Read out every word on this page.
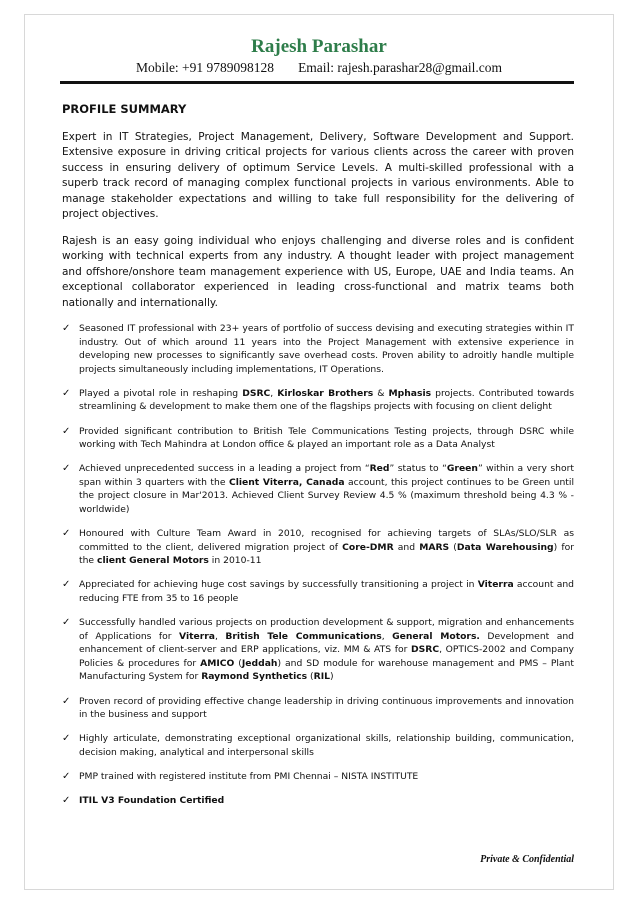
Rajesh Parashar
Mobile: +91 9789098128 Email: rajesh.parashar28@gmail.com
PROFILE SUMMARY

Expert in IT Strategies, Project Management, Delivery, Software Development and Support. Extensive exposure in driving critical projects for various clients across the career with proven success in ensuring delivery of optimum Service Levels. A multi-skilled professional with a superb track record of managing complex functional projects in various environments. Able to manage stakeholder expectations and willing to take full responsibility for the delivering of project objectives.

Rajesh is an easy going individual who enjoys challenging and diverse roles and is confident working with technical experts from any industry. A thought leader with project management and offshore/onshore team management experience with US, Europe, UAE and India teams. An exceptional collaborator experienced in leading cross-functional and matrix teams both nationally and internationally.

✓ Seasoned IT professional with 23+ years of portfolio of success devising and executing strategies within IT industry. Out of which around 11 years into the Project Management with extensive experience in developing new processes to significantly save overhead costs. Proven ability to adroitly handle multiple projects simultaneously including implementations, IT Operations.
✓ Played a pivotal role in reshaping DSRC, Kirloskar Brothers & Mphasis projects. Contributed towards streamlining & development to make them one of the flagships projects with focusing on client delight
✓ Provided significant contribution to British Tele Communications Testing projects, through DSRC while working with Tech Mahindra at London office & played an important role as a Data Analyst
✓ Achieved unprecedented success in a leading a project from “Red” status to “Green” within a very short span within 3 quarters with the Client Viterra, Canada account, this project continues to be Green until the project closure in Mar'2013. Achieved Client Survey Review 4.5 % (maximum threshold being 4.3 % - worldwide)
✓ Honoured with Culture Team Award in 2010, recognised for achieving targets of SLAs/SLO/SLR as committed to the client, delivered migration project of Core-DMR and MARS (Data Warehousing) for the client General Motors in 2010-11
✓ Appreciated for achieving huge cost savings by successfully transitioning a project in Viterra account and reducing FTE from 35 to 16 people
✓ Successfully handled various projects on production development & support, migration and enhancements of Applications for Viterra, British Tele Communications, General Motors. Development and enhancement of client-server and ERP applications, viz. MM & ATS for DSRC, OPTICS-2002 and Company Policies & procedures for AMICO (Jeddah) and SD module for warehouse management and PMS – Plant Manufacturing System for Raymond Synthetics (RIL)
✓ Proven record of providing effective change leadership in driving continuous improvements and innovation in the business and support
✓ Highly articulate, demonstrating exceptional organizational skills, relationship building, communication, decision making, analytical and interpersonal skills
✓ PMP trained with registered institute from PMI Chennai – NISTA INSTITUTE
✓ ITIL V3 Foundation Certified
Private & Confidential
